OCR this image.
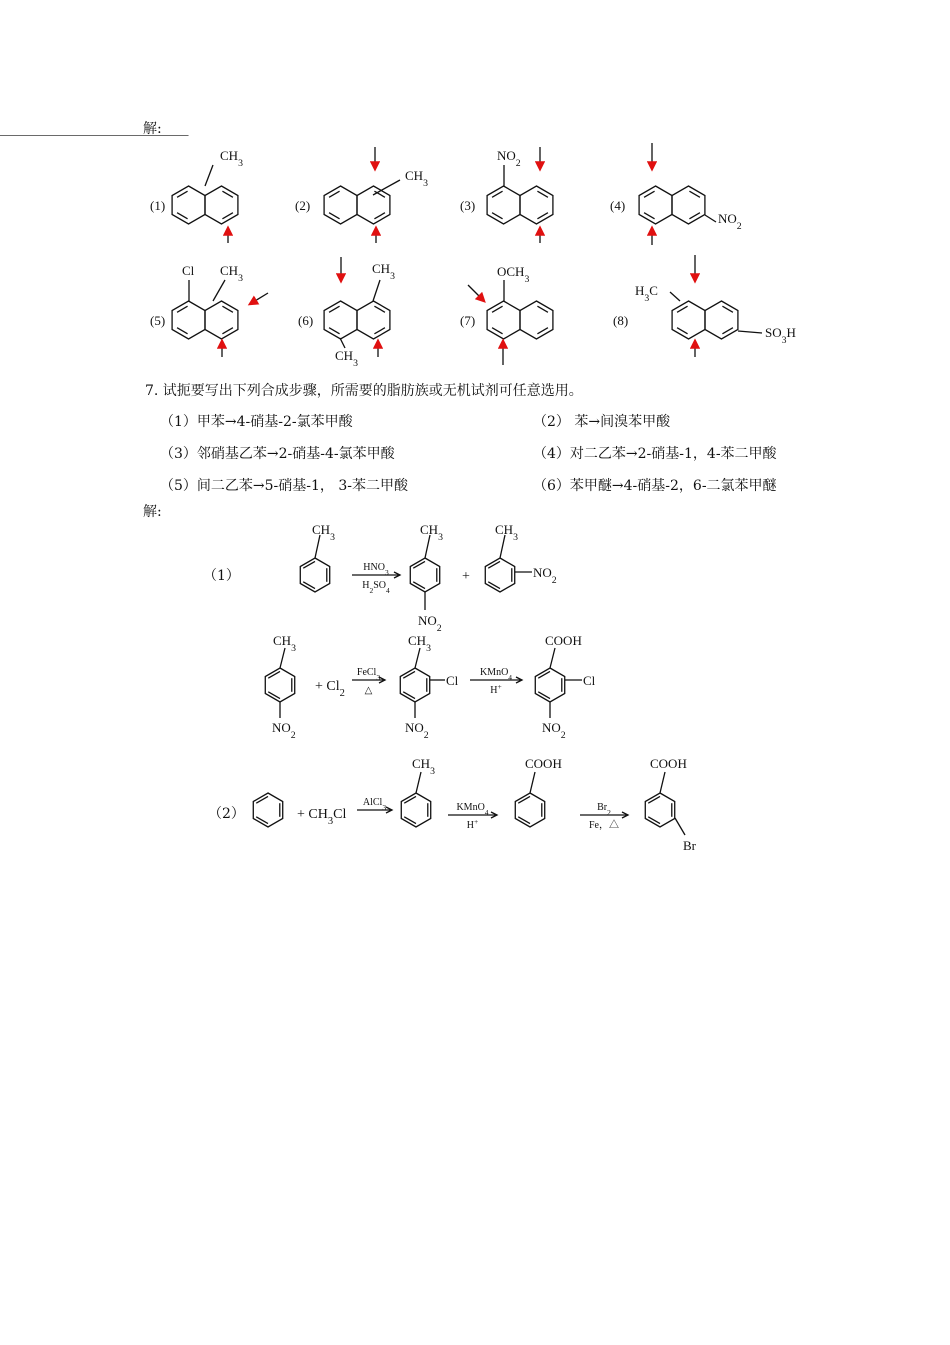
解:
(1)	(2)	(3)	(4)
(5)	(6)	(7)	(8)
$CH_3$
$CH_3$
$NO_2$
$NO_2$
Cl $CH_3$
$CH_3$
$CH_3$
$OCH_3$
$H_3C$
$SO_3H$
7. 试扼要写出下列合成步骤，所需要的脂肪族或无机试剂可任意选用。
（1）甲苯→4-硝基-2-氯苯甲酸	（2） 苯→间溴苯甲酸
（3）邻硝基乙苯→2-硝基-4-氯苯甲酸	（4）对二乙苯→2-硝基-1，4-苯二甲酸
（5）间二乙苯→5-硝基-1， 3-苯二甲酸	（6）苯甲醚→4-硝基-2，6-二氯苯甲醚
解:
（1）
（2）
$CH_3$
$HNO_3$
$H_2SO_4$
$CH_3$
$NO_2$
+
$CH_3$
$NO_2$
$CH_3$
$NO_2$
+ $Cl_2$
FeCl$_3$
△
$CH_3$
Cl
$NO_2$
KMnO$_4$
H+
COOH
Cl
$NO_2$
+ $CH_3Cl$
AlCl$_3$
$CH_3$
KMnO$_4$
H+
COOH
$Br_2$
Fe，△
COOH
Br
